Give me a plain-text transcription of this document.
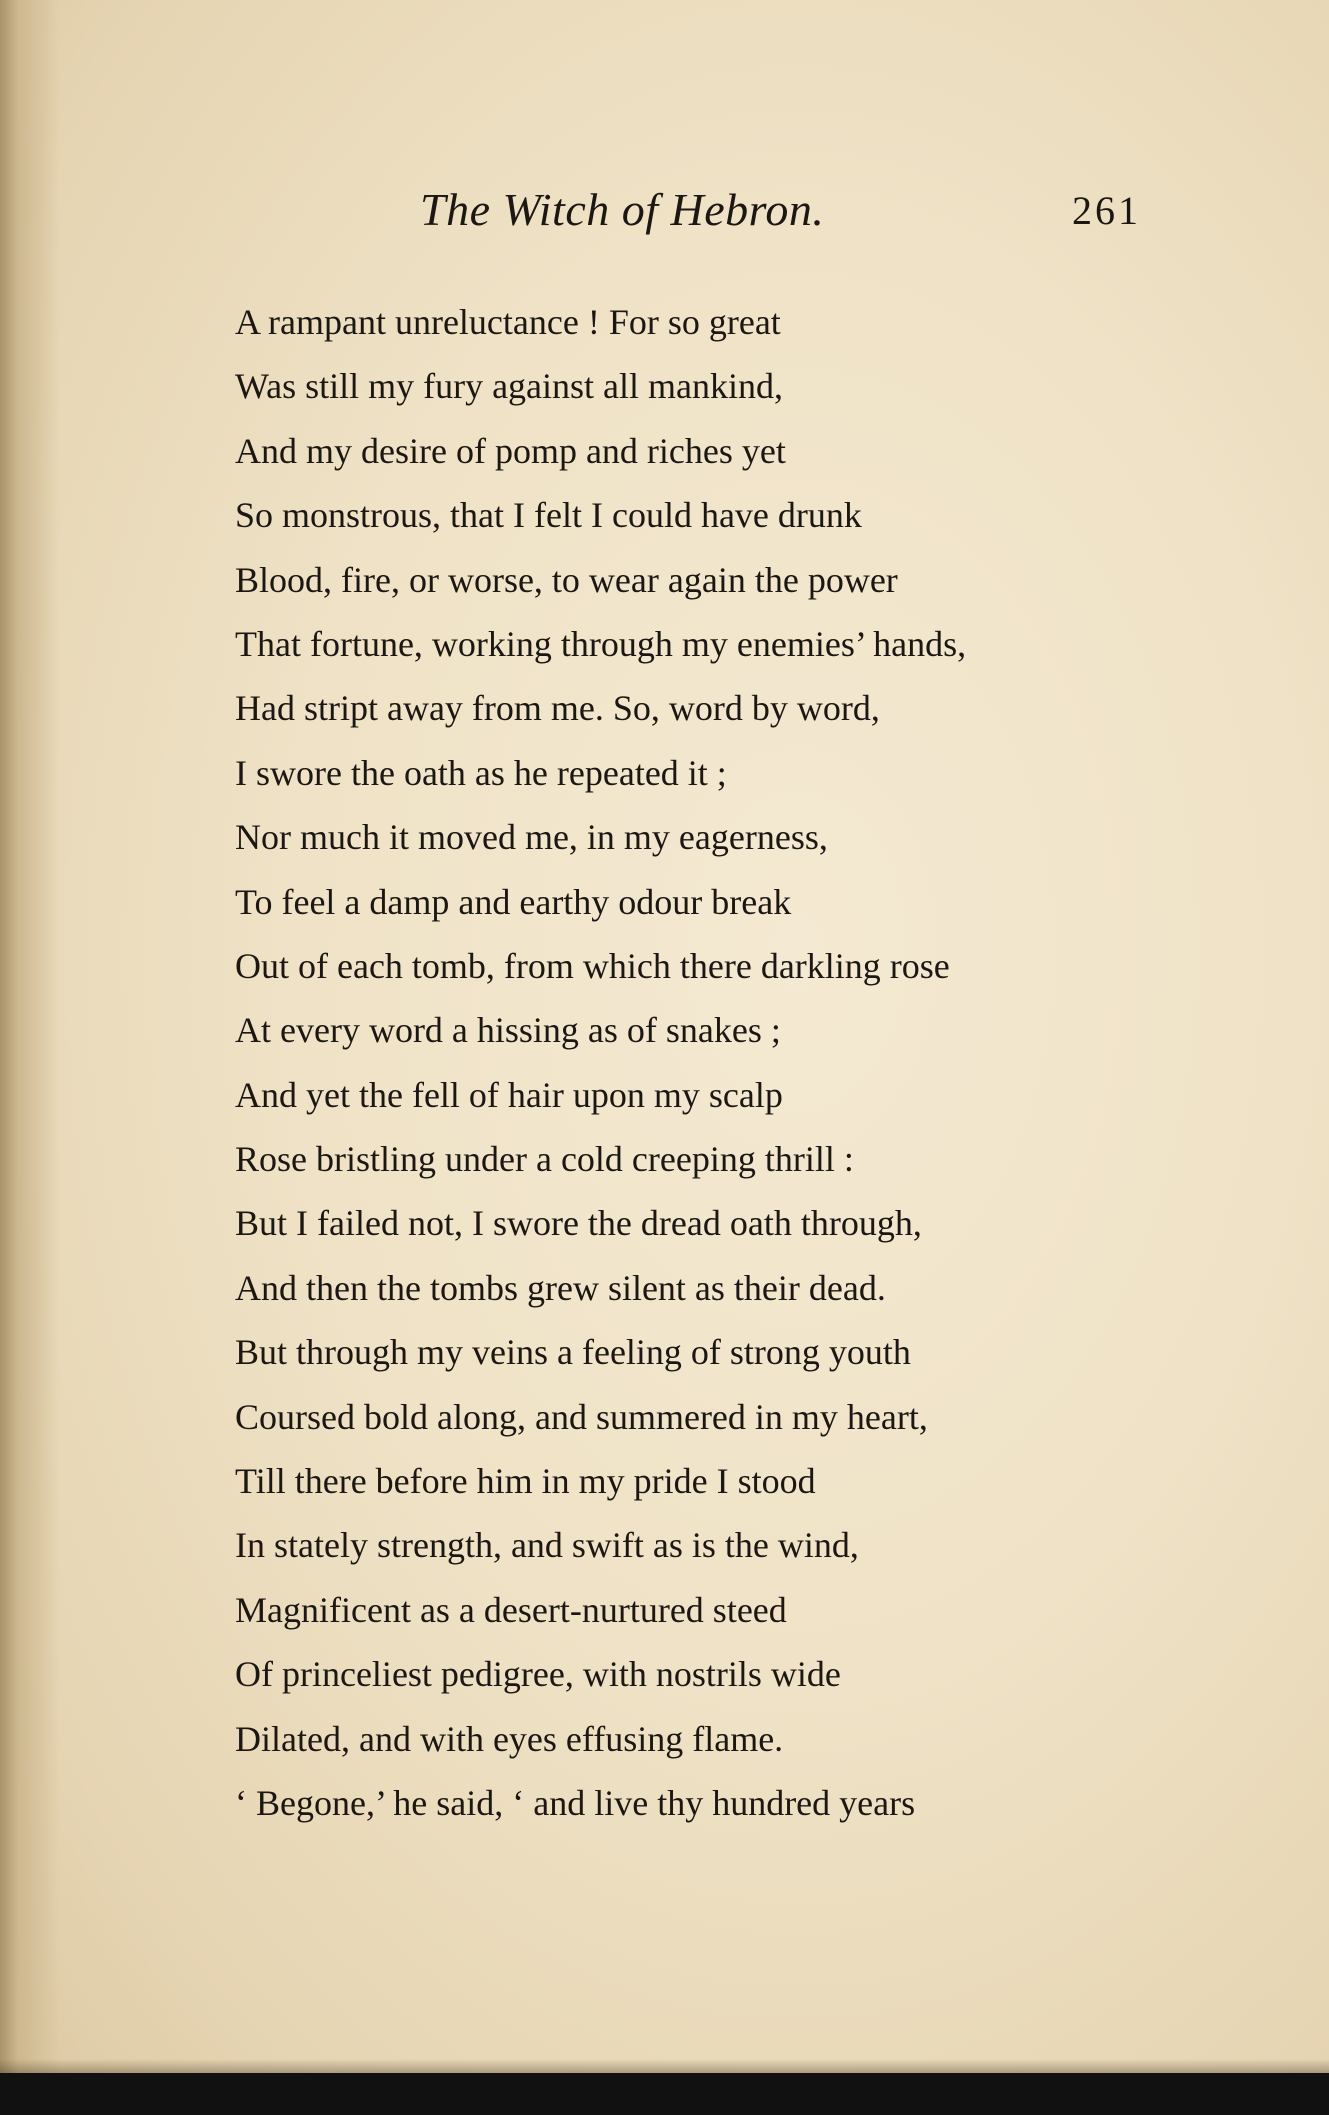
The Witch of Hebron.	261
A rampant unreluctance ! For so great
Was still my fury against all mankind,
And my desire of pomp and riches yet
So monstrous, that I felt I could have drunk
Blood, fire, or worse, to wear again the power
That fortune, working through my enemies’ hands,
Had stript away from me. So, word by word,
I swore the oath as he repeated it ;
Nor much it moved me, in my eagerness,
To feel a damp and earthy odour break
Out of each tomb, from which there darkling rose
At every word a hissing as of snakes ;
And yet the fell of hair upon my scalp
Rose bristling under a cold creeping thrill :
But I failed not, I swore the dread oath through,
And then the tombs grew silent as their dead.
But through my veins a feeling of strong youth
Coursed bold along, and summered in my heart,
Till there before him in my pride I stood
In stately strength, and swift as is the wind,
Magnificent as a desert-nurtured steed
Of princeliest pedigree, with nostrils wide
Dilated, and with eyes effusing flame.
‘ Begone,’ he said, ‘ and live thy hundred years
